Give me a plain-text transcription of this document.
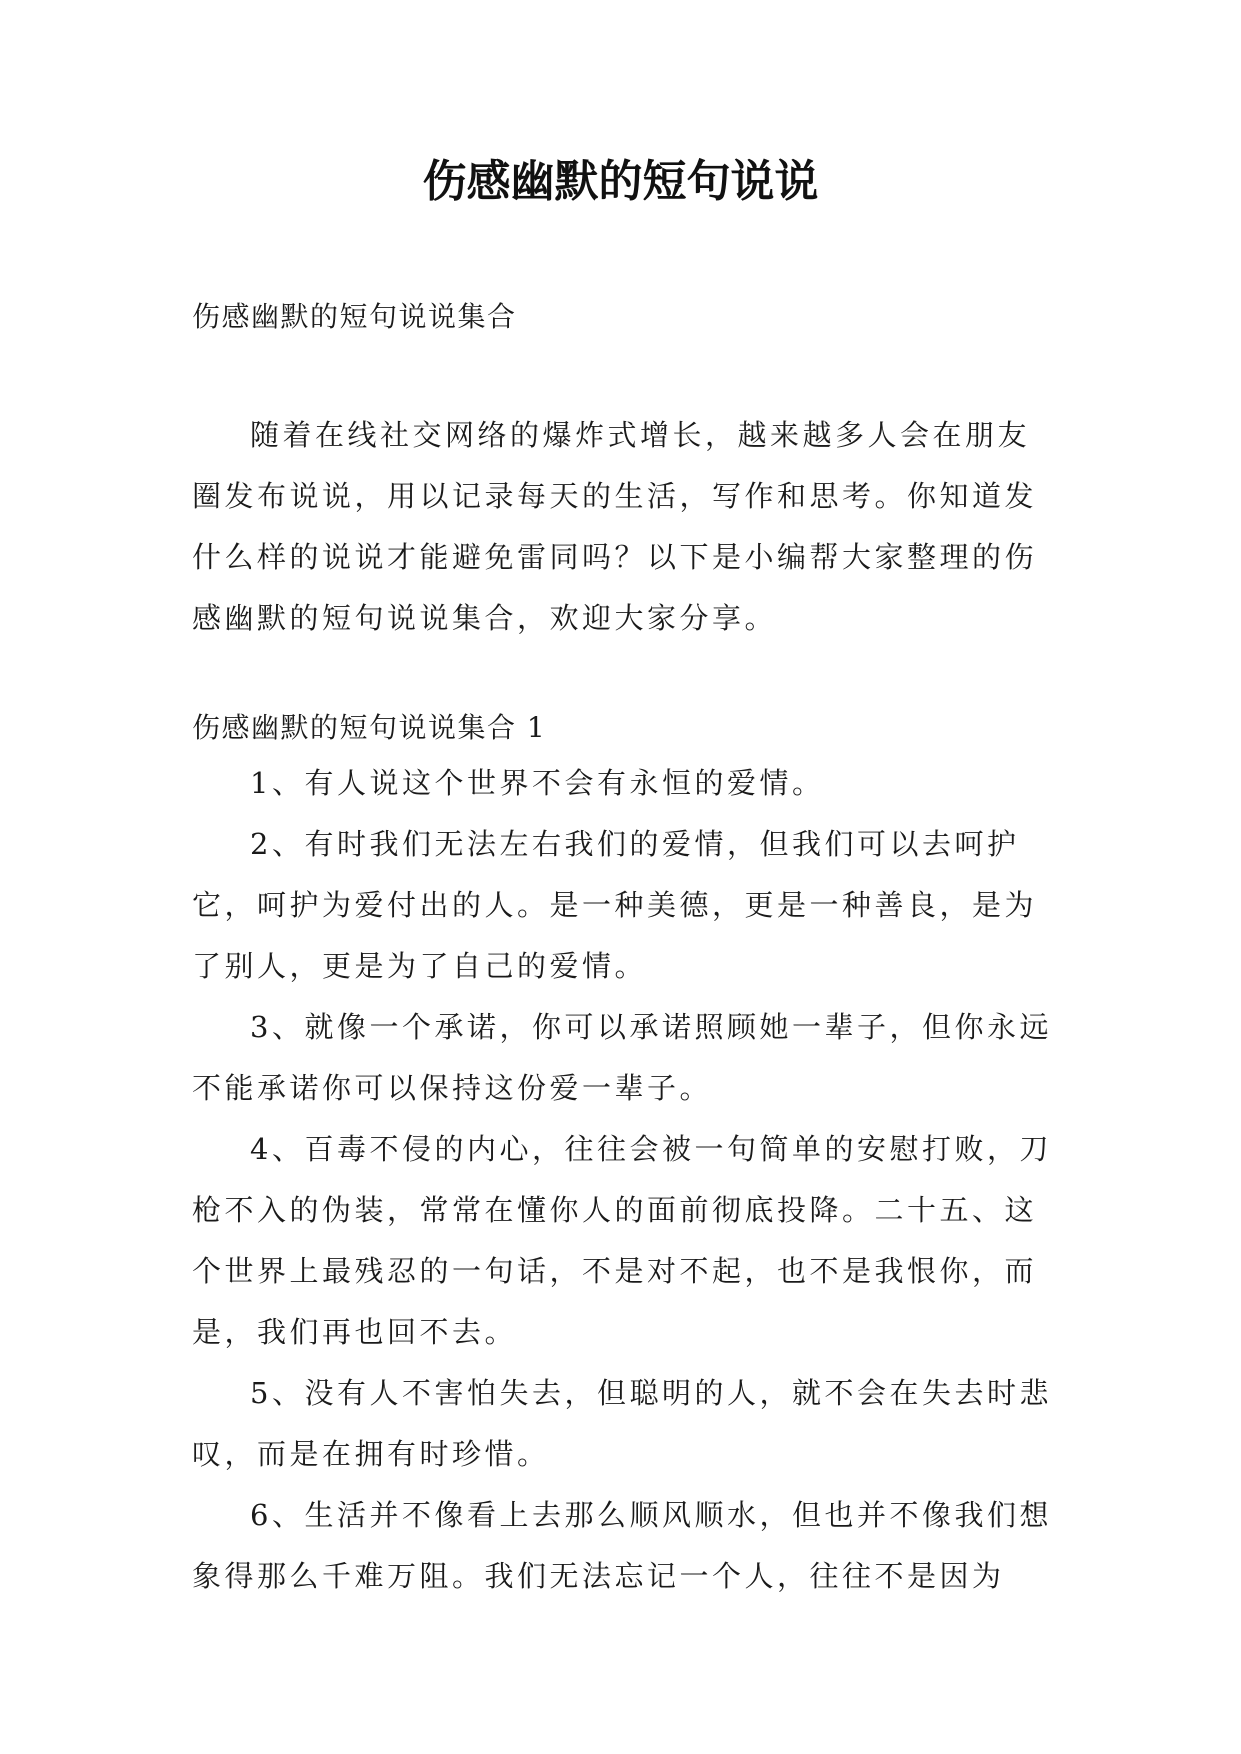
伤感幽默的短句说说

伤感幽默的短句说说集合

随着在线社交网络的爆炸式增长，越来越多人会在朋友圈发布说说，用以记录每天的生活，写作和思考。你知道发什么样的说说才能避免雷同吗？以下是小编帮大家整理的伤感幽默的短句说说集合，欢迎大家分享。

伤感幽默的短句说说集合 1

1、有人说这个世界不会有永恒的爱情。

2、有时我们无法左右我们的爱情，但我们可以去呵护它，呵护为爱付出的人。是一种美德，更是一种善良，是为了别人，更是为了自己的爱情。

3、就像一个承诺，你可以承诺照顾她一辈子，但你永远不能承诺你可以保持这份爱一辈子。

4、百毒不侵的内心，往往会被一句简单的安慰打败，刀枪不入的伪装，常常在懂你人的面前彻底投降。二十五、这个世界上最残忍的一句话，不是对不起，也不是我恨你，而是，我们再也回不去。

5、没有人不害怕失去，但聪明的人，就不会在失去时悲叹，而是在拥有时珍惜。

6、生活并不像看上去那么顺风顺水，但也并不像我们想象得那么千难万阻。我们无法忘记一个人，往往不是因为
